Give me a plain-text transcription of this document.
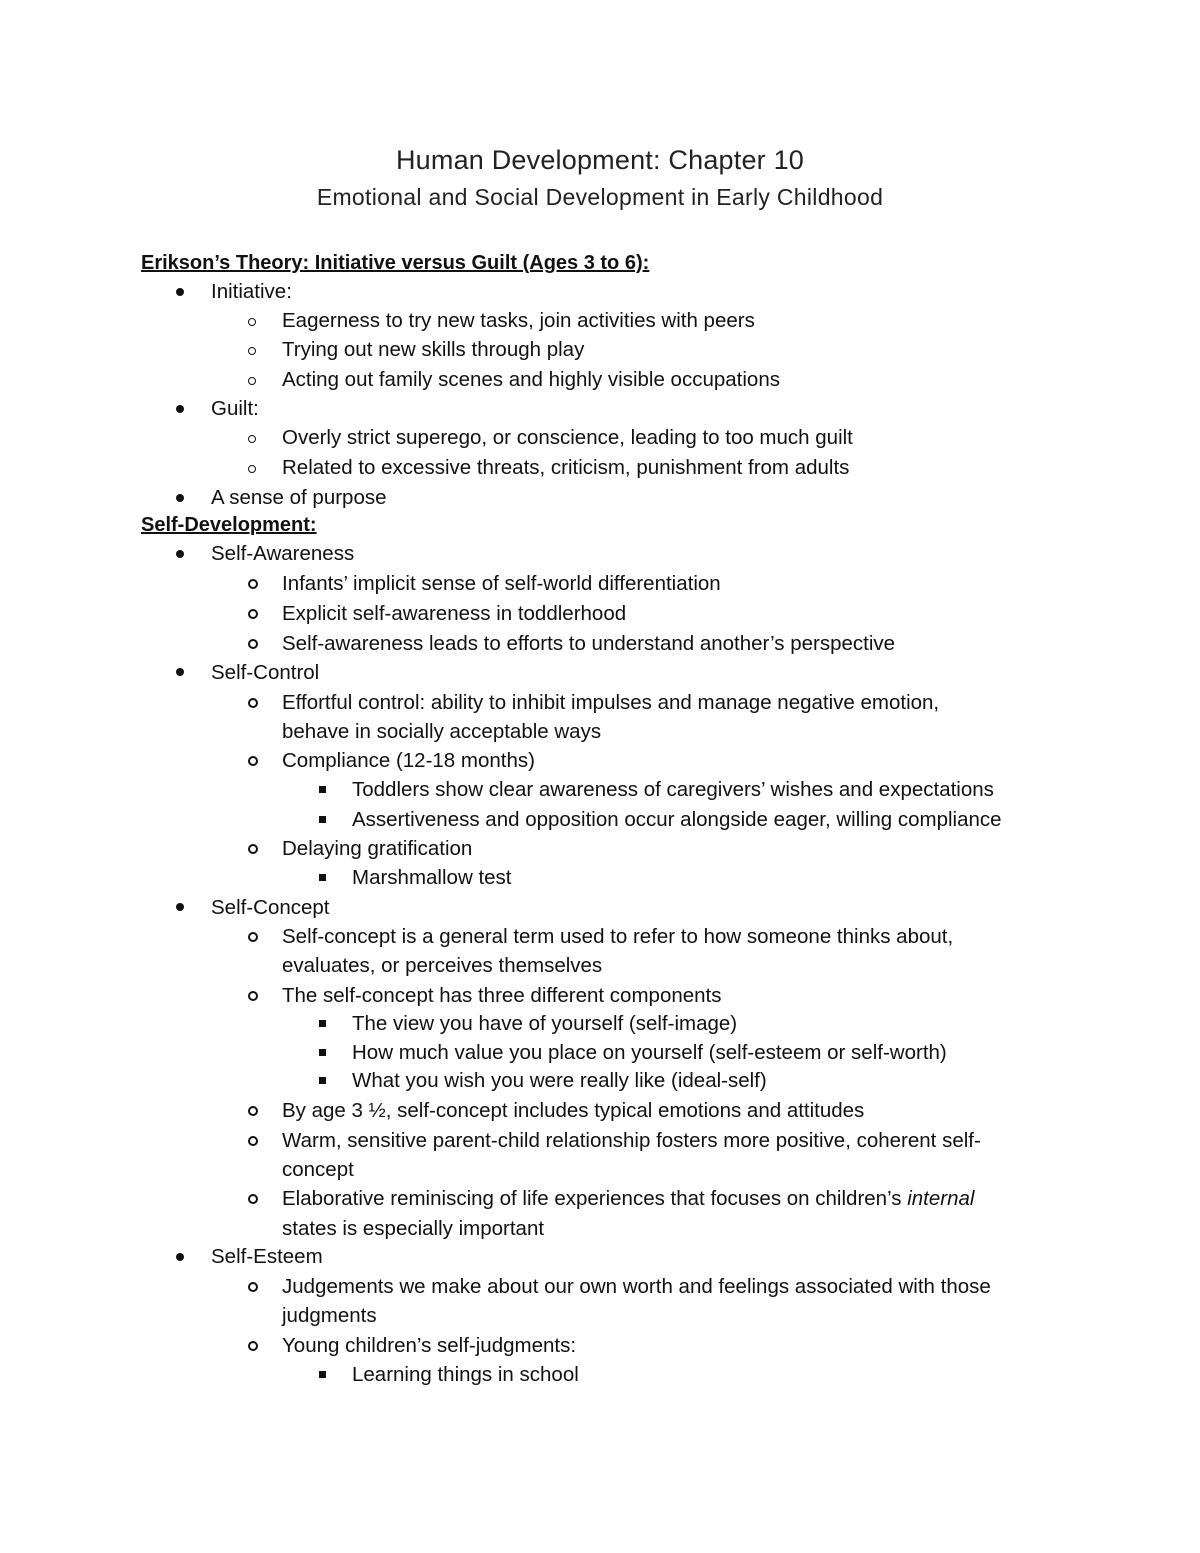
Human Development: Chapter 10
Emotional and Social Development in Early Childhood
Erikson’s Theory: Initiative versus Guilt (Ages 3 to 6):
Initiative:
Eagerness to try new tasks, join activities with peers
Trying out new skills through play
Acting out family scenes and highly visible occupations
Guilt:
Overly strict superego, or conscience, leading to too much guilt
Related to excessive threats, criticism, punishment from adults
A sense of purpose
Self-Development:
Self-Awareness
Infants’ implicit sense of self-world differentiation
Explicit self-awareness in toddlerhood
Self-awareness leads to efforts to understand another’s perspective
Self-Control
Effortful control: ability to inhibit impulses and manage negative emotion,
behave in socially acceptable ways
Compliance (12-18 months)
Toddlers show clear awareness of caregivers’ wishes and expectations
Assertiveness and opposition occur alongside eager, willing compliance
Delaying gratification
Marshmallow test
Self-Concept
Self-concept is a general term used to refer to how someone thinks about,
evaluates, or perceives themselves
The self-concept has three different components
The view you have of yourself (self-image)
How much value you place on yourself (self-esteem or self-worth)
What you wish you were really like (ideal-self)
By age 3 ½, self-concept includes typical emotions and attitudes
Warm, sensitive parent-child relationship fosters more positive, coherent self-
concept
Elaborative reminiscing of life experiences that focuses on children’s internal
states is especially important
Self-Esteem
Judgements we make about our own worth and feelings associated with those
judgments
Young children’s self-judgments:
Learning things in school
